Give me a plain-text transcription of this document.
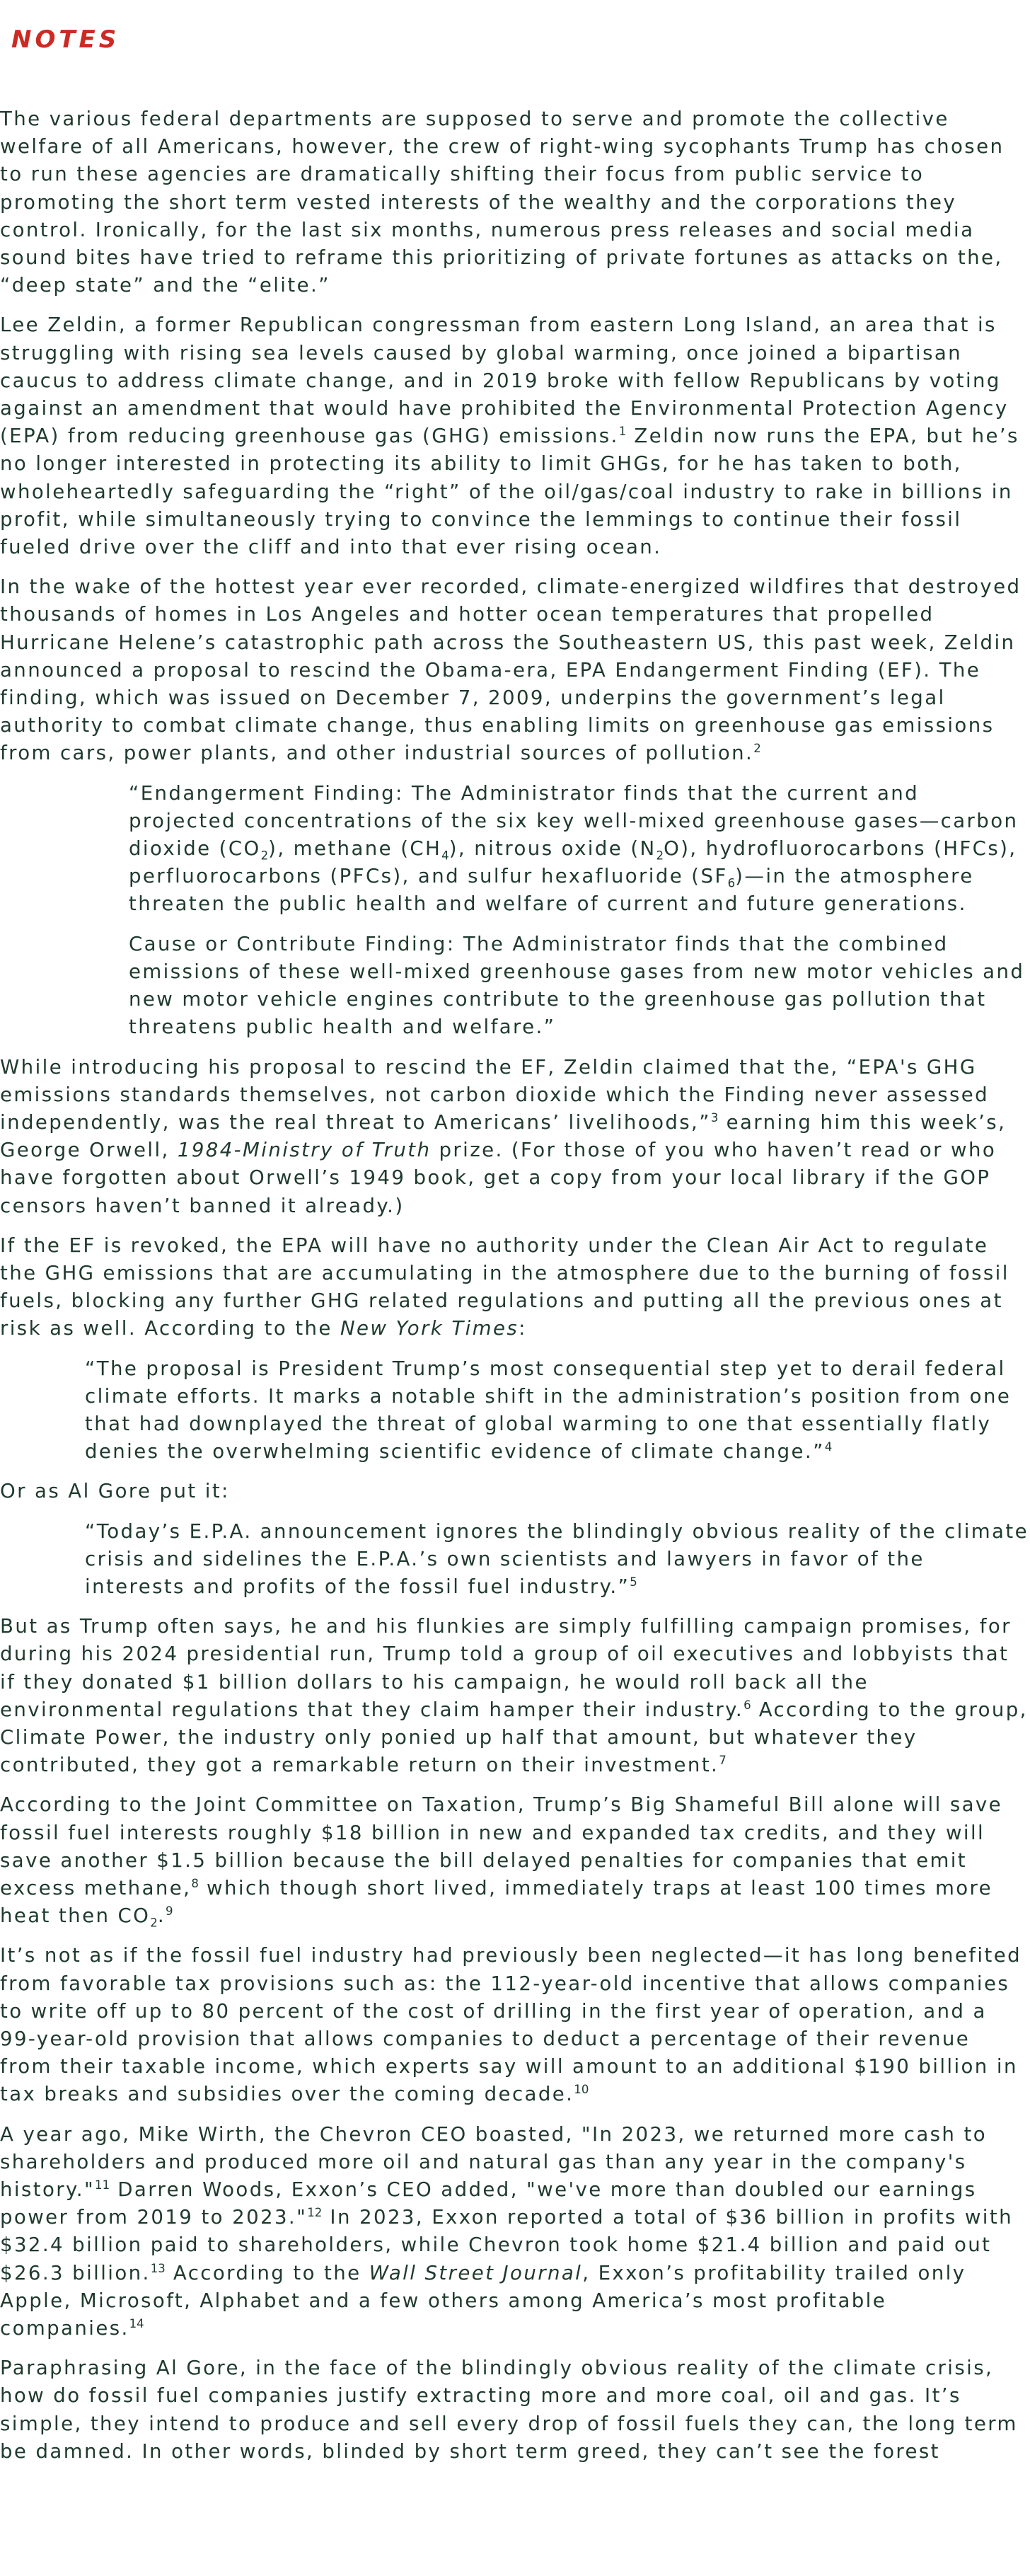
NOTES

The various federal departments are supposed to serve and promote the collective welfare of all Americans, however, the crew of right-wing sycophants Trump has chosen to run these agencies are dramatically shifting their focus from public service to promoting the short term vested interests of the wealthy and the corporations they control. Ironically, for the last six months, numerous press releases and social media sound bites have tried to reframe this prioritizing of private fortunes as attacks on the, “deep state” and the “elite.”

Lee Zeldin, a former Republican congressman from eastern Long Island, an area that is struggling with rising sea levels caused by global warming, once joined a bipartisan caucus to address climate change, and in 2019 broke with fellow Republicans by voting against an amendment that would have prohibited the Environmental Protection Agency (EPA) from reducing greenhouse gas (GHG) emissions.$^1$ Zeldin now runs the EPA, but he’s no longer interested in protecting its ability to limit GHGs, for he has taken to both, wholeheartedly safeguarding the “right” of the oil/gas/coal industry to rake in billions in profit, while simultaneously trying to convince the lemmings to continue their fossil fueled drive over the cliff and into that ever rising ocean.

In the wake of the hottest year ever recorded, climate-energized wildfires that destroyed thousands of homes in Los Angeles and hotter ocean temperatures that propelled Hurricane Helene’s catastrophic path across the Southeastern US, this past week, Zeldin announced a proposal to rescind the Obama-era, EPA Endangerment Finding (EF). The finding, which was issued on December 7, 2009, underpins the government’s legal authority to combat climate change, thus enabling limits on greenhouse gas emissions from cars, power plants, and other industrial sources of pollution.$^2$

“Endangerment Finding: The Administrator finds that the current and projected concentrations of the six key well-mixed greenhouse gases—carbon dioxide $(CO_2)$, methane $(CH_4)$, nitrous oxide $(N_2O)$, hydrofluorocarbons (HFCs), perfluorocarbons (PFCs), and sulfur hexafluoride $(SF_6)—in$ the atmosphere threaten the public health and welfare of current and future generations.

Cause or Contribute Finding: The Administrator finds that the combined emissions of these well-mixed greenhouse gases from new motor vehicles and new motor vehicle engines contribute to the greenhouse gas pollution that threatens public health and welfare.”

While introducing his proposal to rescind the EF, Zeldin claimed that the, “EPA's GHG emissions standards themselves, not carbon dioxide which the Finding never assessed independently, was the real threat to Americans’ livelihoods,”$^3$ earning him this week’s, George Orwell, 1984-Ministry of Truth prize. (For those of you who haven’t read or who have forgotten about Orwell’s 1949 book, get a copy from your local library if the GOP censors haven’t banned it already.)

If the EF is revoked, the EPA will have no authority under the Clean Air Act to regulate the GHG emissions that are accumulating in the atmosphere due to the burning of fossil fuels, blocking any further GHG related regulations and putting all the previous ones at risk as well. According to the New York Times:

“The proposal is President Trump’s most consequential step yet to derail federal climate efforts. It marks a notable shift in the administration’s position from one that had downplayed the threat of global warming to one that essentially flatly denies the overwhelming scientific evidence of climate change.”$^4$

Or as Al Gore put it:

“Today’s E.P.A. announcement ignores the blindingly obvious reality of the climate crisis and sidelines the E.P.A.’s own scientists and lawyers in favor of the interests and profits of the fossil fuel industry.”$^5$

But as Trump often says, he and his flunkies are simply fulfilling campaign promises, for during his 2024 presidential run, Trump told a group of oil executives and lobbyists that if they donated $1 billion dollars to his campaign, he would roll back all the environmental regulations that they claim hamper their industry.$^6$ According to the group, Climate Power, the industry only ponied up half that amount, but whatever they contributed, they got a remarkable return on their investment.$^7$

According to the Joint Committee on Taxation, Trump’s Big Shameful Bill alone will save fossil fuel interests roughly $18 billion in new and expanded tax credits, and they will save another $1.5 billion because the bill delayed penalties for companies that emit excess methane,$^8$ which though short lived, immediately traps at least 100 times more heat then $CO_2.^9$

It’s not as if the fossil fuel industry had previously been neglected—it has long benefited from favorable tax provisions such as: the 112-year-old incentive that allows companies to write off up to 80 percent of the cost of drilling in the first year of operation, and a 99-year-old provision that allows companies to deduct a percentage of their revenue from their taxable income, which experts say will amount to an additional $190 billion in tax breaks and subsidies over the coming decade.$^{10}$

A year ago, Mike Wirth, the Chevron CEO boasted, "In 2023, we returned more cash to shareholders and produced more oil and natural gas than any year in the company's history."$^{11}$ Darren Woods, Exxon’s CEO added, "we've more than doubled our earnings power from 2019 to 2023."$^{12}$ In 2023, Exxon reported a total of $36 billion in profits with $32.4 billion paid to shareholders, while Chevron took home $21.4 billion and paid out $26.3 billion.$^{13}$ According to the Wall Street Journal, Exxon’s profitability trailed only Apple, Microsoft, Alphabet and a few others among America’s most profitable companies.$^{14}$

Paraphrasing Al Gore, in the face of the blindingly obvious reality of the climate crisis, how do fossil fuel companies justify extracting more and more coal, oil and gas. It’s simple, they intend to produce and sell every drop of fossil fuels they can, the long term be damned. In other words, blinded by short term greed, they can’t see the forest
